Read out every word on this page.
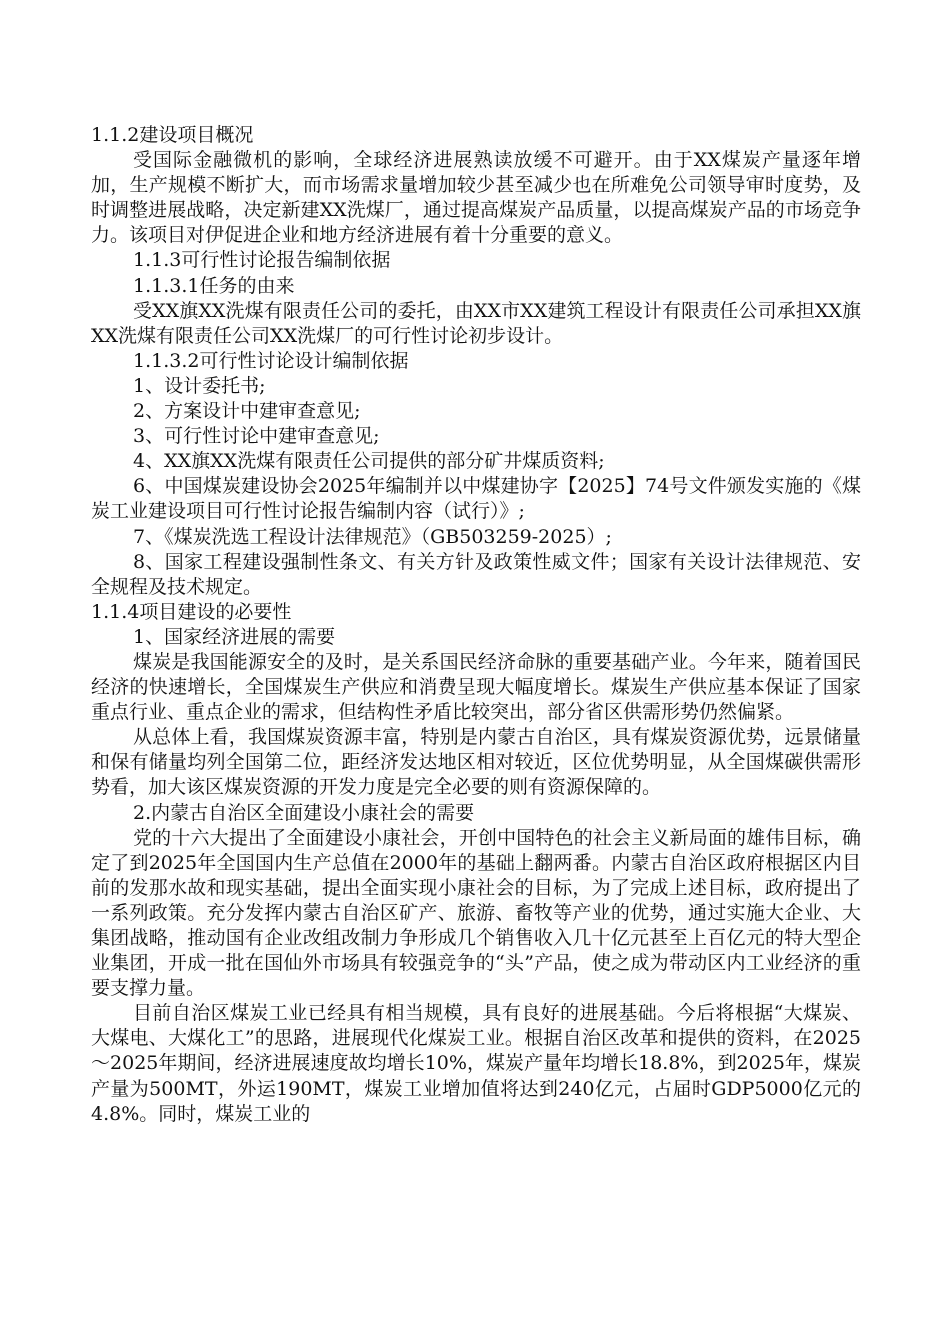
1.1.2建设项目概况

受国际金融微机的影响，全球经济进展熟读放缓不可避开。由于XX煤炭产量逐年增加，生产规模不断扩大，而市场需求量增加较少甚至减少也在所难免公司领导审时度势，及时调整进展战略，决定新建XX洗煤厂，通过提高煤炭产品质量，以提高煤炭产品的市场竞争力。该项目对伊促进企业和地方经济进展有着十分重要的意义。

1.1.3可行性讨论报告编制依据

1.1.3.1任务的由来

受XX旗XX洗煤有限责任公司的委托，由XX市XX建筑工程设计有限责任公司承担XX旗XX洗煤有限责任公司XX洗煤厂的可行性讨论初步设计。

1.1.3.2可行性讨论设计编制依据

1、设计委托书;

2、方案设计中建审查意见;

3、可行性讨论中建审查意见;

4、XX旗XX洗煤有限责任公司提供的部分矿井煤质资料;

6、中国煤炭建设协会2025年编制并以中煤建协字【2025】74号文件颁发实施的《煤炭工业建设项目可行性讨论报告编制内容（试行）》;

7、《煤炭洗选工程设计法律规范》（GB503259-2025）;

8、国家工程建设强制性条文、有关方针及政策性威文件；国家有关设计法律规范、安全规程及技术规定。

1.1.4项目建设的必要性

1、国家经济进展的需要

煤炭是我国能源安全的及时，是关系国民经济命脉的重要基础产业。今年来，随着国民经济的快速增长，全国煤炭生产供应和消费呈现大幅度增长。煤炭生产供应基本保证了国家重点行业、重点企业的需求，但结构性矛盾比较突出，部分省区供需形势仍然偏紧。

从总体上看，我国煤炭资源丰富，特别是内蒙古自治区，具有煤炭资源优势，远景储量和保有储量均列全国第二位，距经济发达地区相对较近，区位优势明显，从全国煤碳供需形势看，加大该区煤炭资源的开发力度是完全必要的则有资源保障的。

2.内蒙古自治区全面建设小康社会的需要

党的十六大提出了全面建设小康社会，开创中国特色的社会主义新局面的雄伟目标，确定了到2025年全国国内生产总值在2000年的基础上翻两番。内蒙古自治区政府根据区内目前的发那水故和现实基础，提出全面实现小康社会的目标，为了完成上述目标，政府提出了一系列政策。充分发挥内蒙古自治区矿产、旅游、畜牧等产业的优势，通过实施大企业、大集团战略，推动国有企业改组改制力争形成几个销售收入几十亿元甚至上百亿元的特大型企业集团，开成一批在国仙外市场具有较强竞争的“头”产品，使之成为带动区内工业经济的重要支撑力量。

目前自治区煤炭工业已经具有相当规模，具有良好的进展基础。今后将根据“大煤炭、大煤电、大煤化工”的思路，进展现代化煤炭工业。根据自治区改革和提供的资料，在2025～2025年期间，经济进展速度故均增长10%，煤炭产量年均增长18.8%，到2025年，煤炭产量为500MT，外运190MT，煤炭工业增加值将达到240亿元，占届时GDP5000亿元的4.8%。同时，煤炭工业的
